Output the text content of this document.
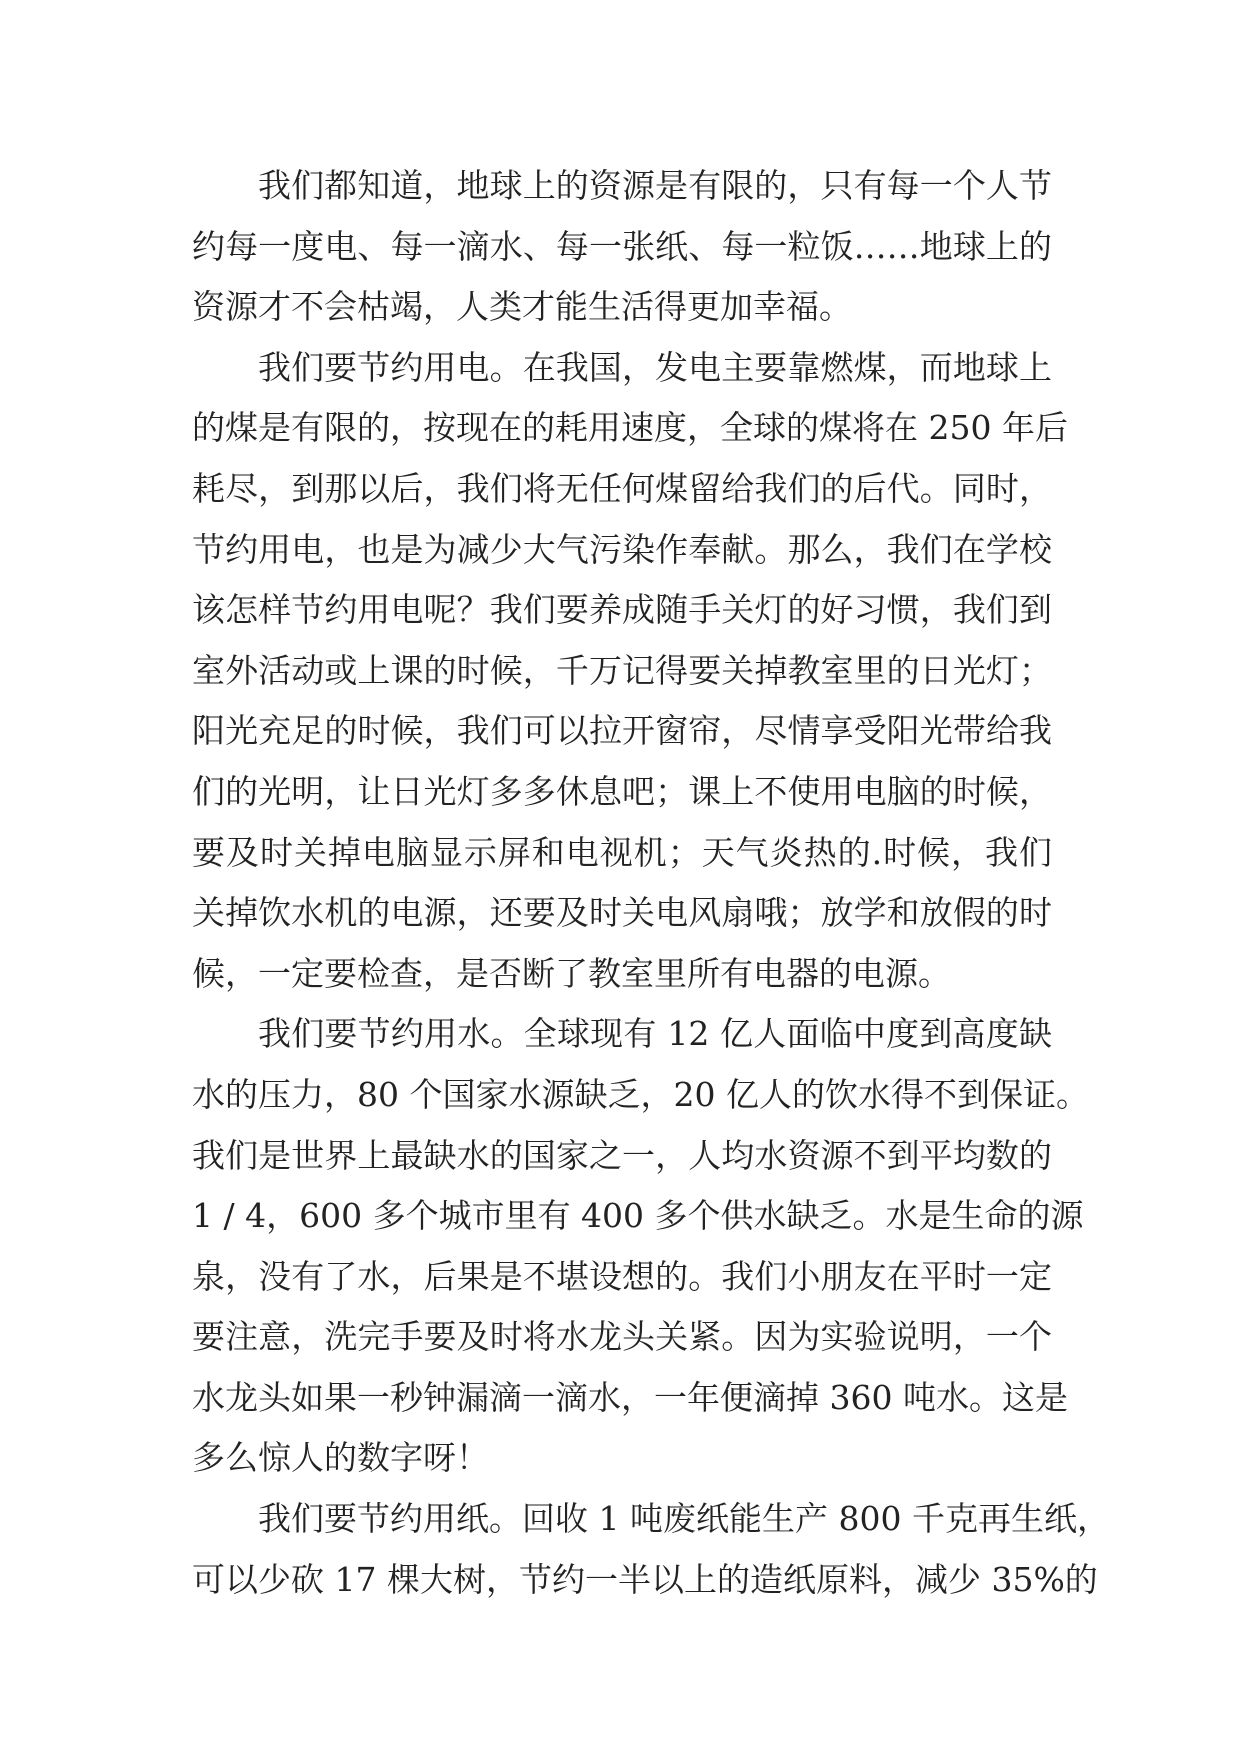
我们都知道，地球上的资源是有限的，只有每一个人节
约每一度电、每一滴水、每一张纸、每一粒饭……地球上的
资源才不会枯竭，人类才能生活得更加幸福。
我们要节约用电。在我国，发电主要靠燃煤，而地球上
的煤是有限的，按现在的耗用速度，全球的煤将在 250 年后
耗尽，到那以后，我们将无任何煤留给我们的后代。同时，
节约用电，也是为减少大气污染作奉献。那么，我们在学校
该怎样节约用电呢？我们要养成随手关灯的好习惯，我们到
室外活动或上课的时候，千万记得要关掉教室里的日光灯；
阳光充足的时候，我们可以拉开窗帘，尽情享受阳光带给我
们的光明，让日光灯多多休息吧；课上不使用电脑的时候，
要及时关掉电脑显示屏和电视机；天气炎热的.时候，我们
关掉饮水机的电源，还要及时关电风扇哦；放学和放假的时
候，一定要检查，是否断了教室里所有电器的电源。
我们要节约用水。全球现有 12 亿人面临中度到高度缺
水的压力，80 个国家水源缺乏，20 亿人的饮水得不到保证。
我们是世界上最缺水的国家之一，人均水资源不到平均数的
1 / 4，600 多个城市里有 400 多个供水缺乏。水是生命的源
泉，没有了水，后果是不堪设想的。我们小朋友在平时一定
要注意，洗完手要及时将水龙头关紧。因为实验说明，一个
水龙头如果一秒钟漏滴一滴水，一年便滴掉 360 吨水。这是
多么惊人的数字呀！
我们要节约用纸。回收 1 吨废纸能生产 800 千克再生纸，
可以少砍 17 棵大树，节约一半以上的造纸原料，减少 35%的
